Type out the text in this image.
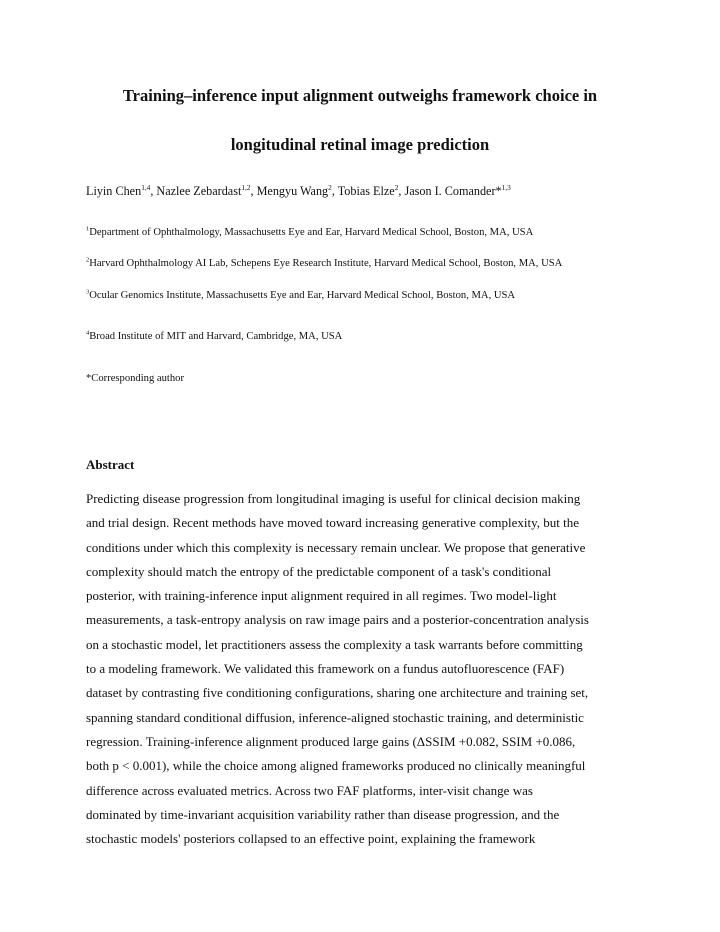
Training–inference input alignment outweighs framework choice in
longitudinal retinal image prediction
Liyin Chen$^{1,4}$, Nazlee Zebardast$^{1,2}$, Mengyu Wang$^2$, Tobias Elze$^2$, Jason I. Comander*$^{1,3}$
$^1$Department of Ophthalmology, Massachusetts Eye and Ear, Harvard Medical School, Boston, MA, USA
$^2$Harvard Ophthalmology AI Lab, Schepens Eye Research Institute, Harvard Medical School, Boston, MA, USA
$^3$Ocular Genomics Institute, Massachusetts Eye and Ear, Harvard Medical School, Boston, MA, USA
$^4$Broad Institute of MIT and Harvard, Cambridge, MA, USA
*Corresponding author
Abstract
Predicting disease progression from longitudinal imaging is useful for clinical decision making
and trial design. Recent methods have moved toward increasing generative complexity, but the
conditions under which this complexity is necessary remain unclear. We propose that generative
complexity should match the entropy of the predictable component of a task's conditional
posterior, with training-inference input alignment required in all regimes. Two model-light
measurements, a task-entropy analysis on raw image pairs and a posterior-concentration analysis
on a stochastic model, let practitioners assess the complexity a task warrants before committing
to a modeling framework. We validated this framework on a fundus autofluorescence (FAF)
dataset by contrasting five conditioning configurations, sharing one architecture and training set,
spanning standard conditional diffusion, inference-aligned stochastic training, and deterministic
regression. Training-inference alignment produced large gains (ΔSSIM +0.082, SSIM +0.086,
both p < 0.001), while the choice among aligned frameworks produced no clinically meaningful
difference across evaluated metrics. Across two FAF platforms, inter-visit change was
dominated by time-invariant acquisition variability rather than disease progression, and the
stochastic models' posteriors collapsed to an effective point, explaining the framework
